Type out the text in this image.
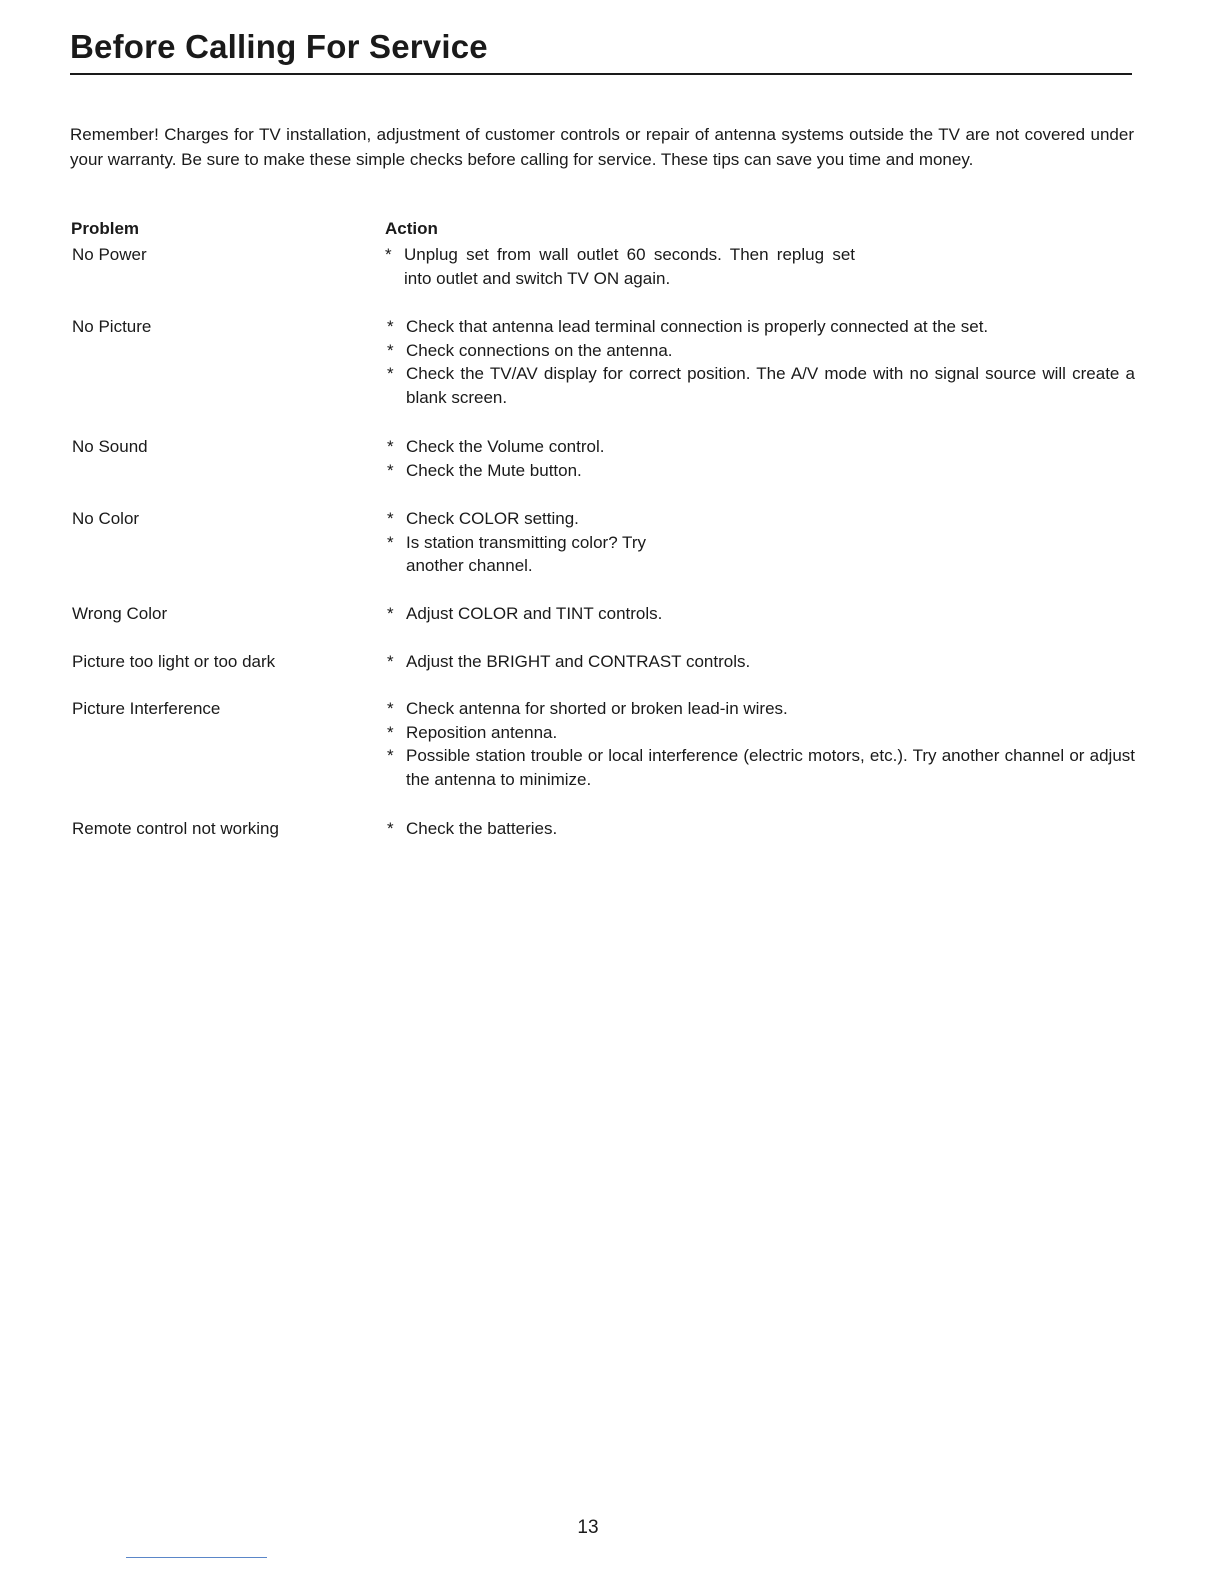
Before Calling For Service

Remember! Charges for TV installation, adjustment of customer controls or repair of antenna systems outside the TV are not covered under your warranty. Be sure to make these simple checks before calling for service. These tips can save you time and money.

Problem	Action
No Power	* Unplug set from wall outlet 60 seconds. Then replug set into outlet and switch TV ON again.
No Picture	* Check that antenna lead terminal connection is properly connected at the set.
* Check connections on the antenna.
* Check the TV/AV display for correct position. The A/V mode with no signal source will create a blank screen.
No Sound	* Check the Volume control.
* Check the Mute button.
No Color	* Check COLOR setting.
* Is station transmitting color? Try another channel.
Wrong Color	* Adjust COLOR and TINT controls.
Picture too light or too dark	* Adjust the BRIGHT and CONTRAST controls.
Picture Interference	* Check antenna for shorted or broken lead-in wires.
* Reposition antenna.
* Possible station trouble or local interference (electric motors, etc.). Try another channel or adjust the antenna to minimize.
Remote control not working	* Check the batteries.
13
